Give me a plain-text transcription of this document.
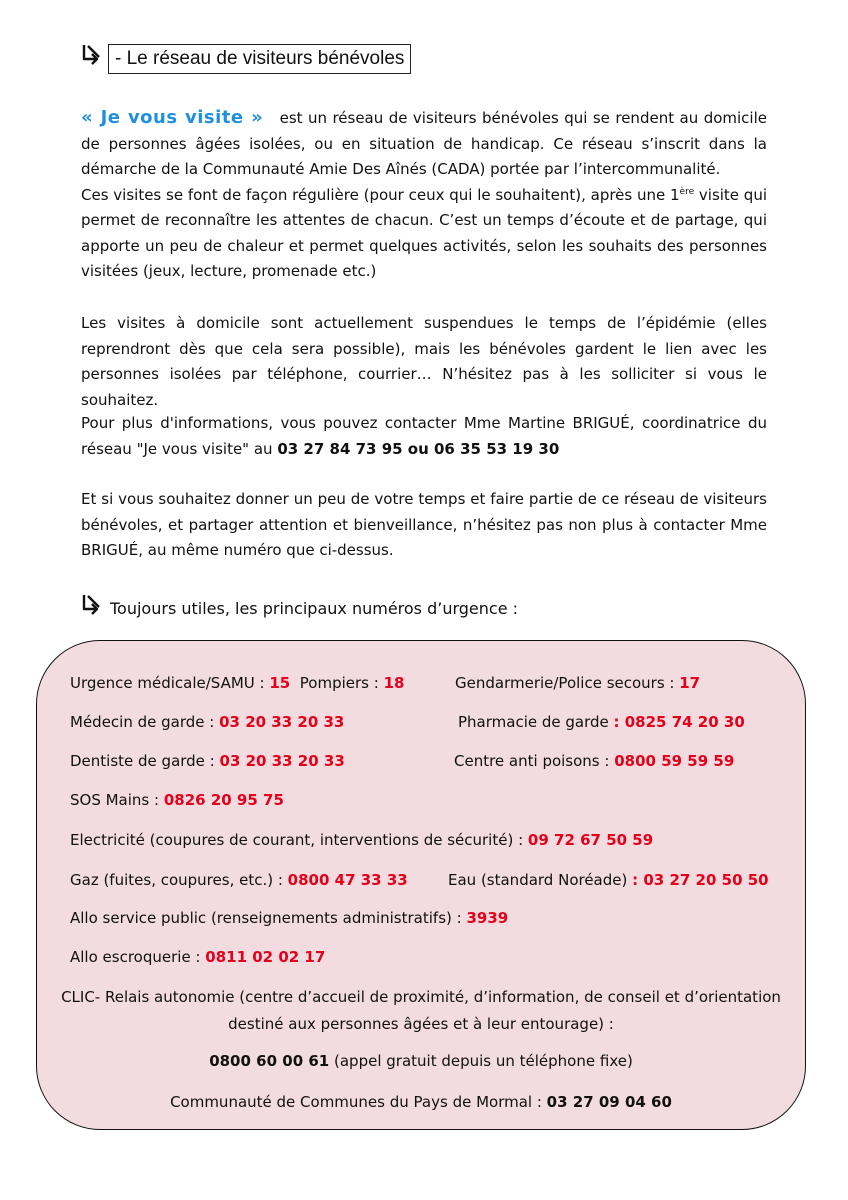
- Le réseau de visiteurs bénévoles

« Je vous visite » est un réseau de visiteurs bénévoles qui se rendent au domicile de personnes âgées isolées, ou en situation de handicap. Ce réseau s’inscrit dans la démarche de la Communauté Amie Des Aînés (CADA) portée par l’intercommunalité.
Ces visites se font de façon régulière (pour ceux qui le souhaitent), après une 1ère visite qui permet de reconnaître les attentes de chacun. C’est un temps d’écoute et de partage, qui apporte un peu de chaleur et permet quelques activités, selon les souhaits des personnes visitées (jeux, lecture, promenade etc.)

Les visites à domicile sont actuellement suspendues le temps de l’épidémie (elles reprendront dès que cela sera possible), mais les bénévoles gardent le lien avec les personnes isolées par téléphone, courrier… N’hésitez pas à les solliciter si vous le souhaitez.

Pour plus d'informations, vous pouvez contacter Mme Martine BRIGUÉ, coordinatrice du réseau "Je vous visite" au 03 27 84 73 95 ou 06 35 53 19 30

Et si vous souhaitez donner un peu de votre temps et faire partie de ce réseau de visiteurs bénévoles, et partager attention et bienveillance, n’hésitez pas non plus à contacter Mme BRIGUÉ, au même numéro que ci-dessus.

Toujours utiles, les principaux numéros d’urgence :
Urgence médicale/SAMU : 15 Pompiers : 18	Gendarmerie/Police secours : 17
Médecin de garde : 03 20 33 20 33	Pharmacie de garde : 0825 74 20 30
Dentiste de garde : 03 20 33 20 33	Centre anti poisons : 0800 59 59 59
SOS Mains : 0826 20 95 75
Electricité (coupures de courant, interventions de sécurité) : 09 72 67 50 59
Gaz (fuites, coupures, etc.) : 0800 47 33 33	Eau (standard Noréade) : 03 27 20 50 50
Allo service public (renseignements administratifs) : 3939
Allo escroquerie : 0811 02 02 17
CLIC- Relais autonomie (centre d’accueil de proximité, d’information, de conseil et d’orientation
destiné aux personnes âgées et à leur entourage) :
0800 60 00 61 (appel gratuit depuis un téléphone fixe)
Communauté de Communes du Pays de Mormal : 03 27 09 04 60
